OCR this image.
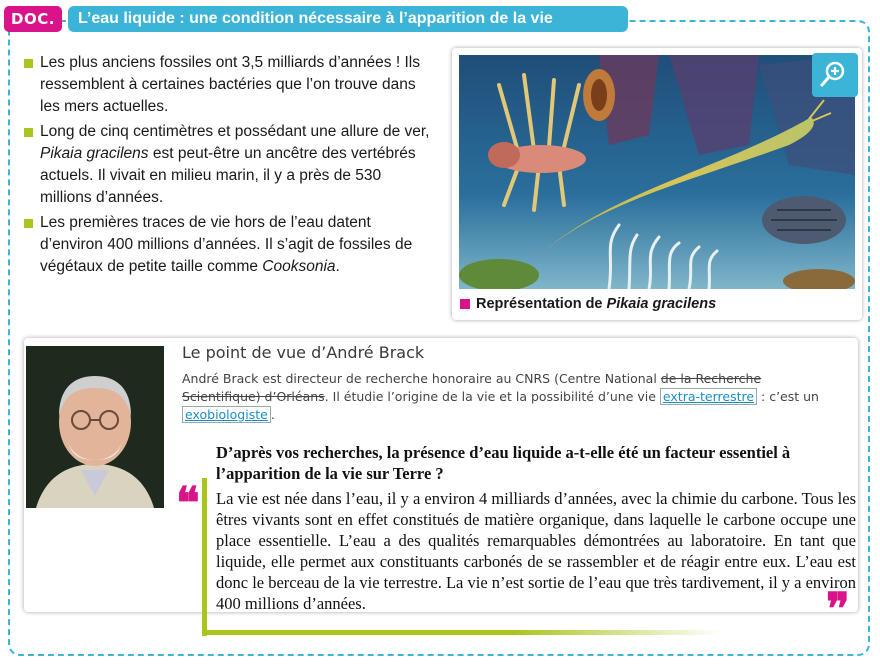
DOC. 1
L’eau liquide : une condition nécessaire à l’apparition de la vie
Les plus anciens fossiles ont 3,5 milliards d’années ! Ils ressemblent à certaines bactéries que l’on trouve dans les mers actuelles.
Long de cinq centimètres et possédant une allure de ver, Pikaia gracilens est peut-être un ancêtre des vertébrés actuels. Il vivait en milieu marin, il y a près de 530 millions d’années.
Les premières traces de vie hors de l’eau datent d’environ 400 millions d’années. Il s’agit de fossiles de végétaux de petite taille comme Cooksonia.
Représentation de
Pikaia gracilens
Le point de vue d’André Brack
André Brack est directeur de recherche honoraire au CNRS (Centre National de la Recherche Scientifique) d’Orléans. Il étudie l’origine de la vie et la possibilité d’une vie extra-terrestre : c’est un exobiologiste .
D’après vos recherches, la présence d’eau liquide a-t-elle été un facteur essentiel à l’apparition de la vie sur Terre ?
❝ La vie est née dans l’eau, il y a environ 4 milliards d’années, avec la chimie du carbone. Tous les êtres vivants sont en effet constitués de matière organique, dans laquelle le carbone occupe une place essentielle. L’eau a des qualités remarquables démontrées au laboratoire. En tant que liquide, elle permet aux constituants carbonés de se rassembler et de réagir entre eux. L’eau est donc le berceau de la vie terrestre. La vie n’est sortie de l’eau que très tardivement, il y a environ 400 millions d’années.	❞
